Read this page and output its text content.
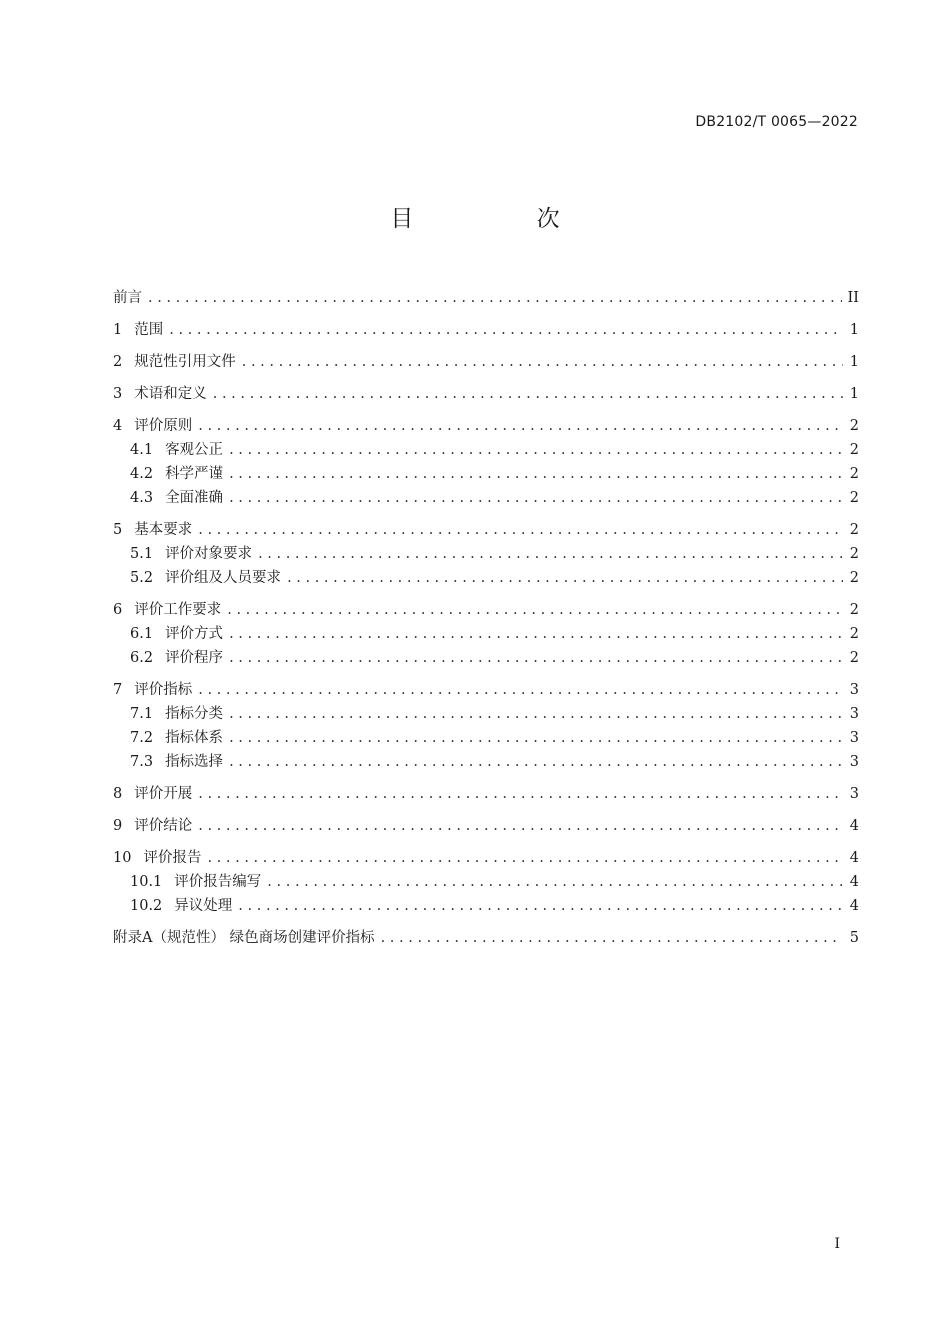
DB2102/T 0065—2022
目 次
前言 . . .	II
1 范围 . . .	1
2 规范性引用文件 . . .	1
3 术语和定义 . . .	1
4 评价原则 . . .	2
4.1 客观公正 . . .	2
4.2 科学严谨 . . .	2
4.3 全面准确 . . .	2
5 基本要求 . . .	2
5.1 评价对象要求 . . .	2
5.2 评价组及人员要求 . . .	2
6 评价工作要求 . . .	2
6.1 评价方式 . . .	2
6.2 评价程序 . . .	2
7 评价指标 . . .	3
7.1 指标分类 . . .	3
7.2 指标体系 . . .	3
7.3 指标选择 . . .	3
8 评价开展 . . .	3
9 评价结论 . . .	4
10 评价报告 . . .	4
10.1 评价报告编写 . . .	4
10.2 异议处理 . . .	4
附录A（规范性） 绿色商场创建评价指标 . . .	5
I
